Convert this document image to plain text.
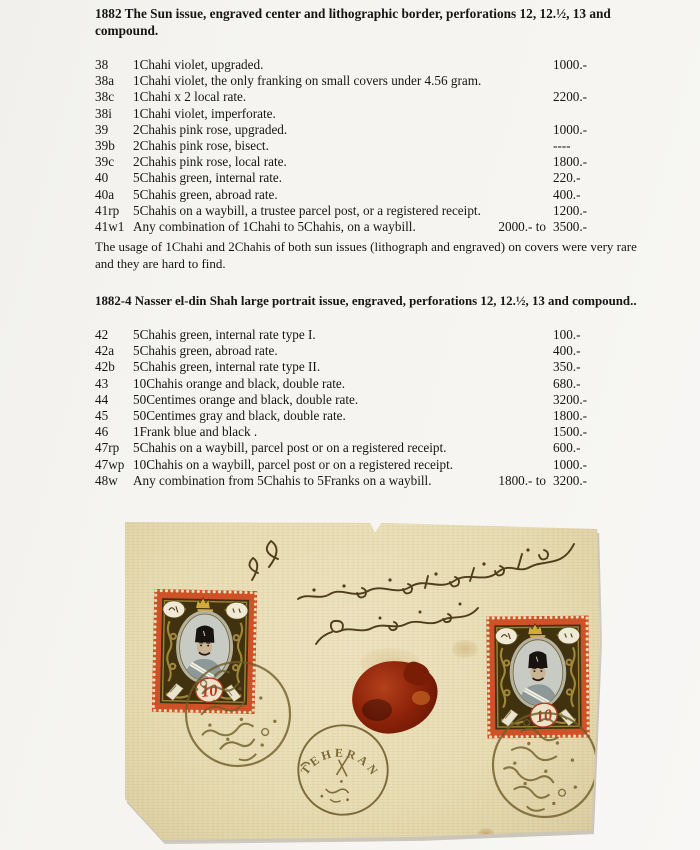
1882 The Sun issue, engraved center and lithographic border, perforations 12, 12.½, 13 and
compound.
38	1Chahi violet, upgraded.	1000.-
38a	1Chahi violet, the only franking on small covers under 4.56 gram.
38c	1Chahi x 2 local rate.	2200.-
38i	1Chahi violet, imperforate.
39	2Chahis pink rose, upgraded.	1000.-
39b	2Chahis pink rose, bisect.	----
39c	2Chahis pink rose, local rate.	1800.-
40	5Chahis green, internal rate.	220.-
40a	5Chahis green, abroad rate.	400.-
41rp	5Chahis on a waybill, a trustee parcel post, or a registered receipt.	1200.-
41w1 Any combination of 1Chahi to 5Chahis, on a waybill.	2000.- to 3500.-
The usage of 1Chahi and 2Chahis of both sun issues (lithograph and engraved) on covers were very rare
and they are hard to find.
1882-4 Nasser el-din Shah large portrait issue, engraved, perforations 12, 12.½, 13 and compound..
42	5Chahis green, internal rate type I.	100.-
42a	5Chahis green, abroad rate.	400.-
42b	5Chahis green, internal rate type II.	350.-
43	10Chahis orange and black, double rate.	680.-
44	50Centimes orange and black, double rate.	3200.-
45	50Centimes gray and black, double rate.	1800.-
46	1Frank blue and black .	1500.-
47rp	5Chahis on a waybill, parcel post or on a registered receipt.	600.-
47wp 10Chahis on a waybill, parcel post or on a registered receipt.	1000.-
48w	Any combination from 5Chahis to 5Franks on a waybill.	1800.- to 3200.-
